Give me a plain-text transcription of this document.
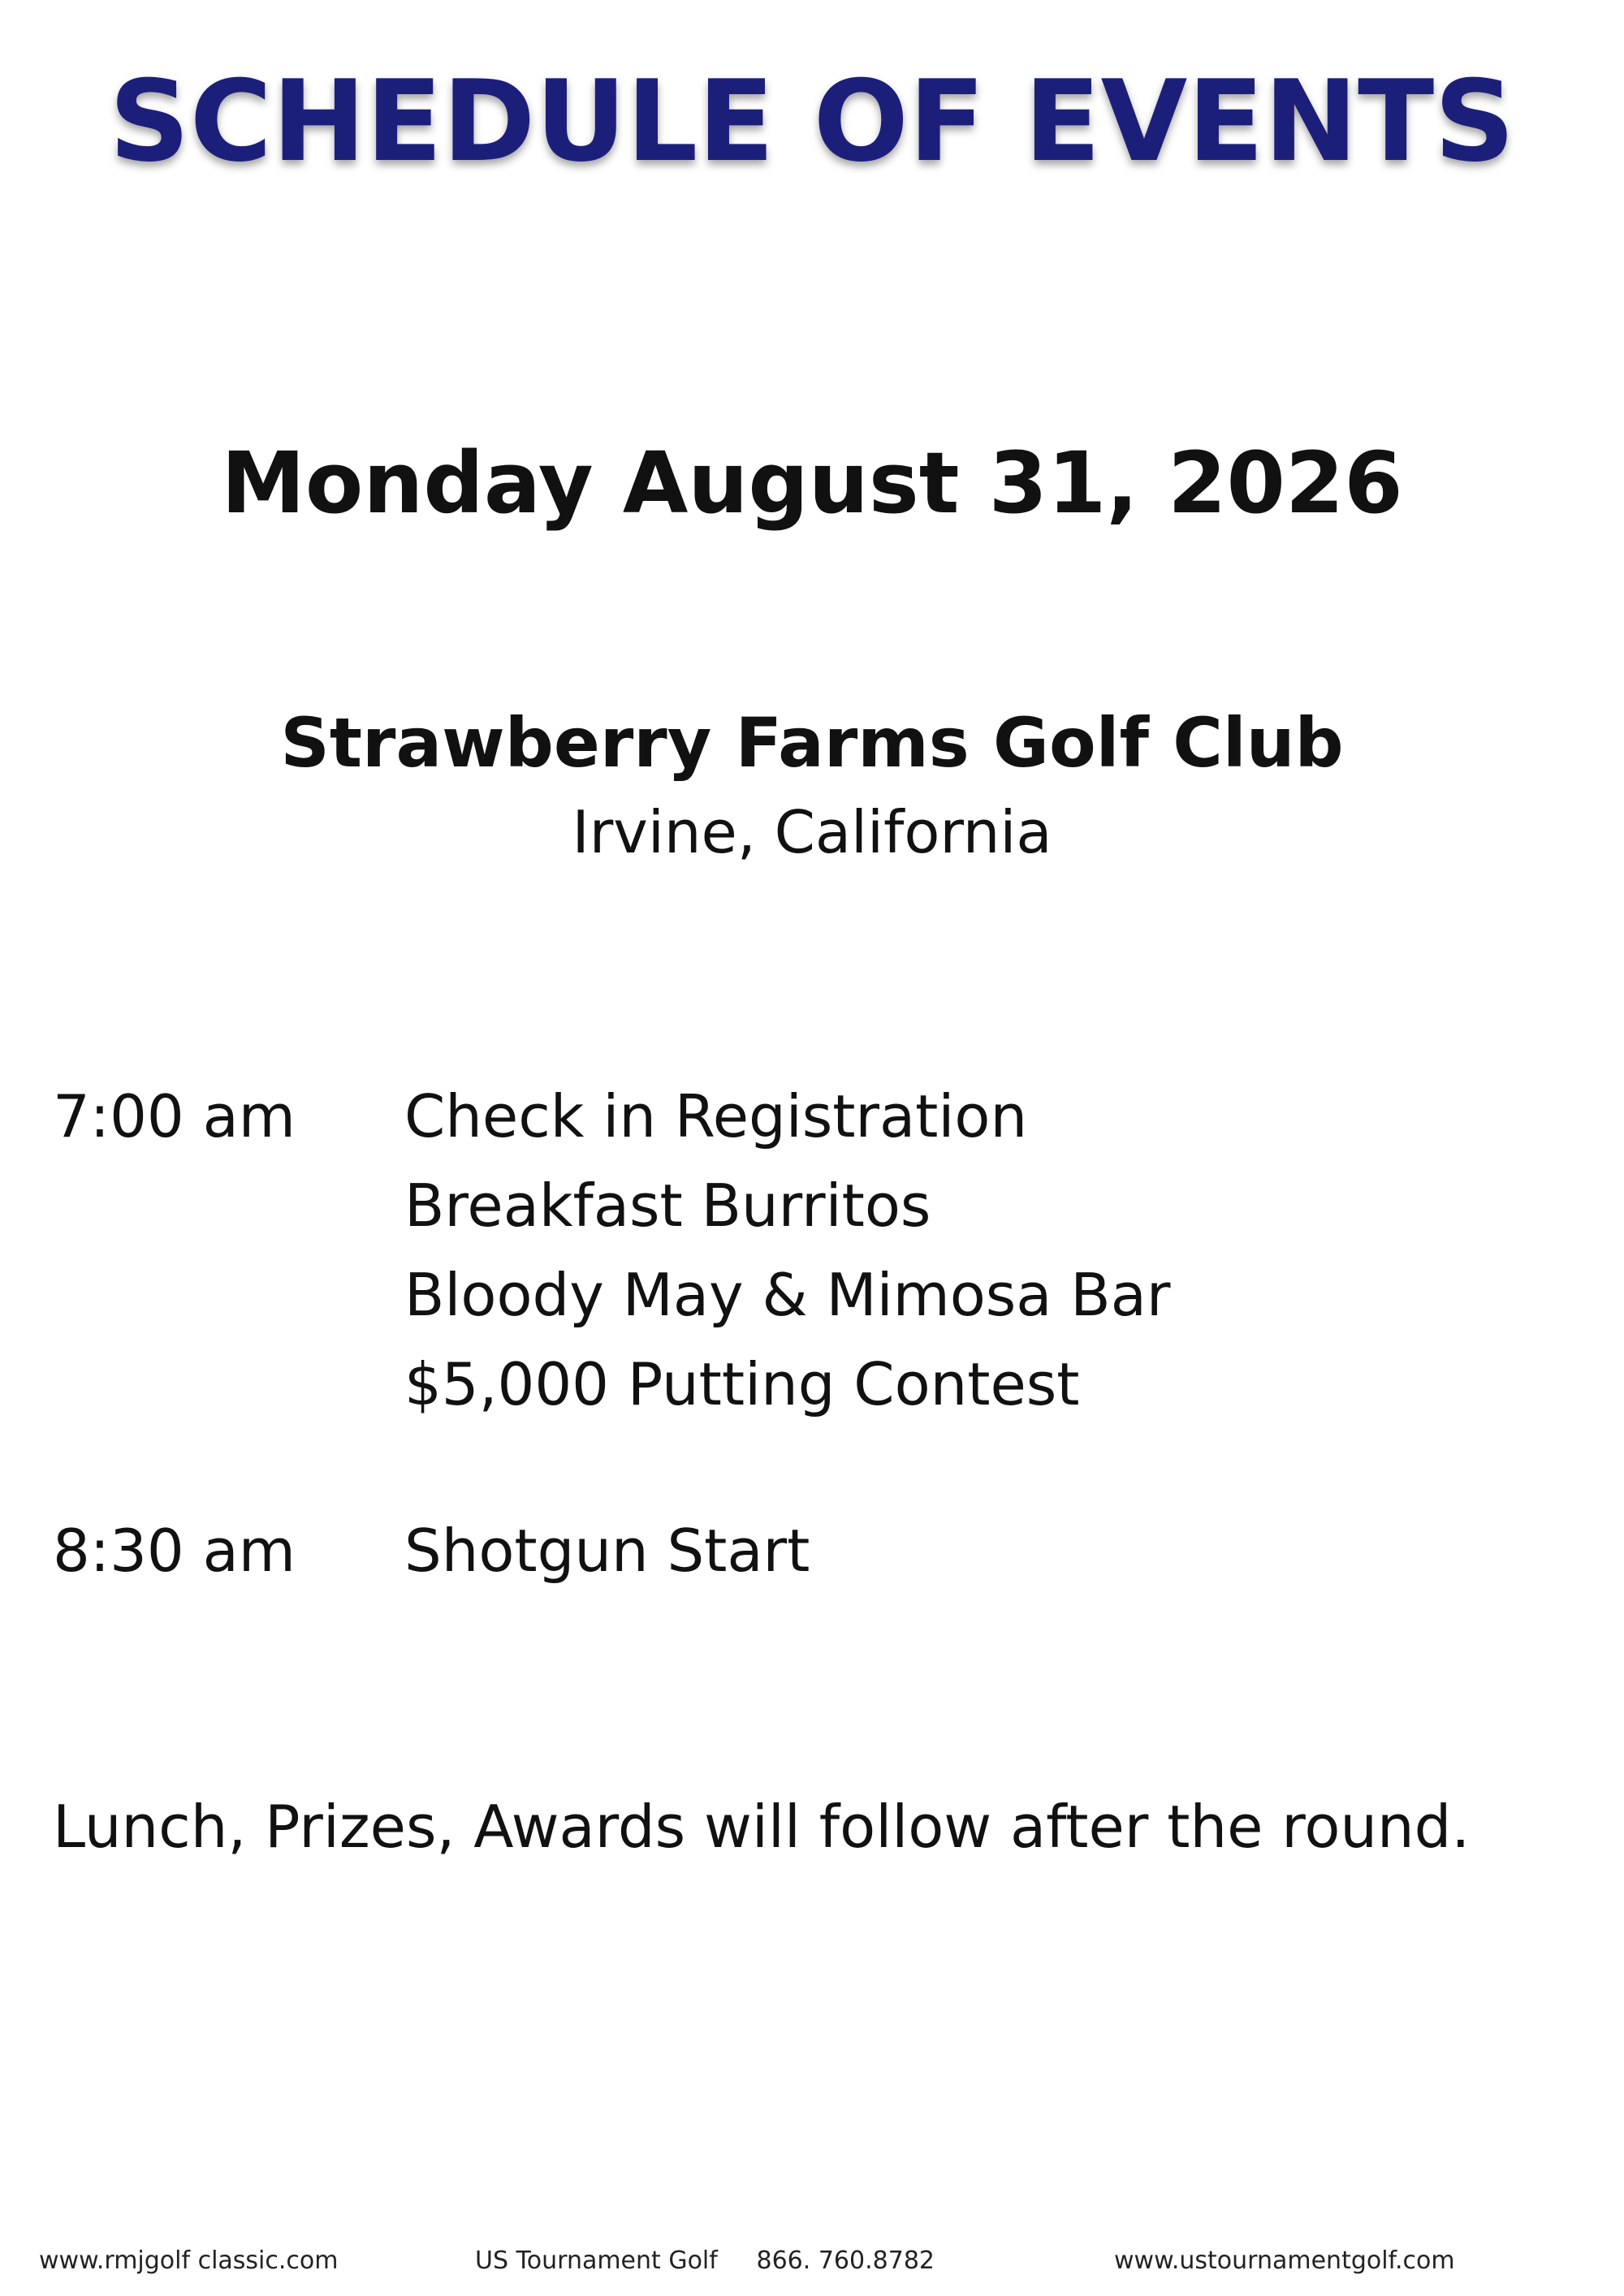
SCHEDULE OF EVENTS
Monday August 31, 2026
Strawberry Farms Golf Club
Irvine, California
7:00 am Check in Registration
Breakfast Burritos
Bloody May & Mimosa Bar
$5,000 Putting Contest
8:30 am Shotgun Start
Lunch, Prizes, Awards will follow after the round.
www.rmjgolf classic.com	US Tournament Golf     866. 760.8782	www.ustournamentgolf.com
